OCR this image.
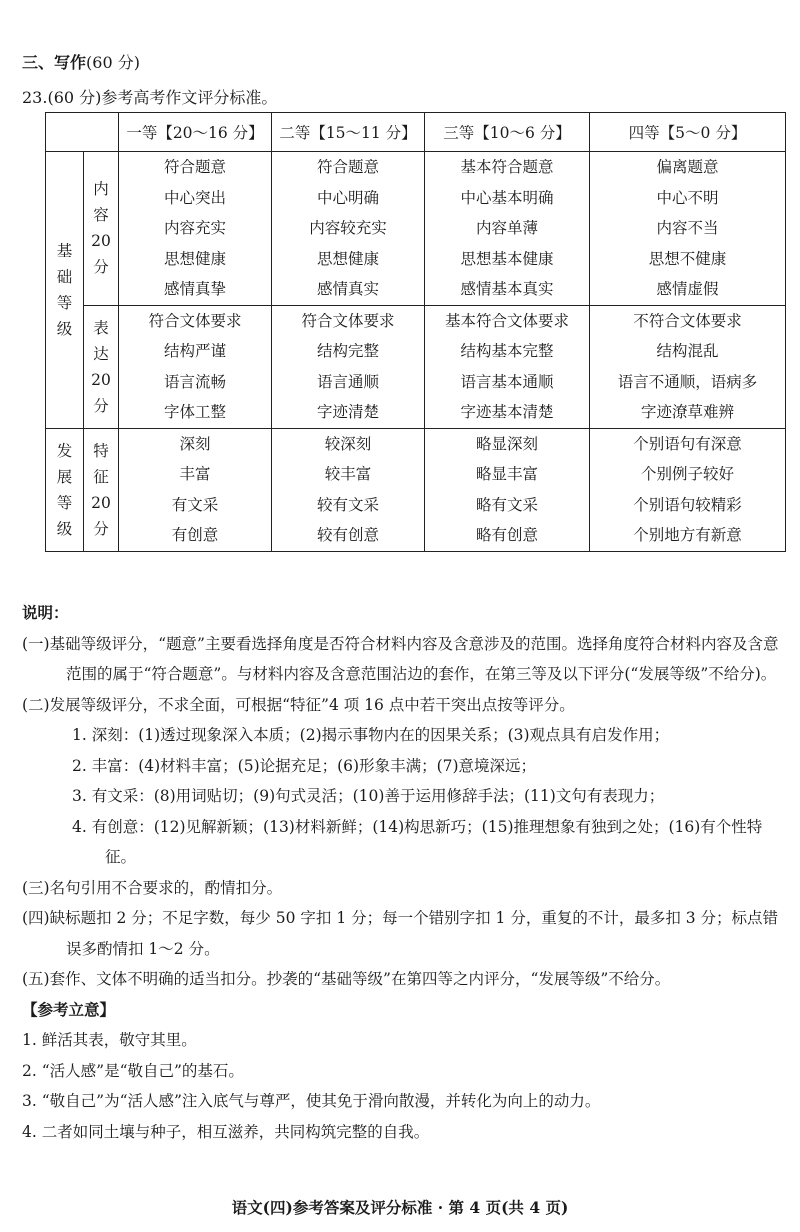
三、写作(60 分)
23.(60 分)参考高考作文评分标准。
		一等【20～16 分】	二等【15～11 分】	三等【10～6 分】	四等【5～0 分】

基
础
等
级	内
容
20
分	符合题意
中心突出
内容充实
思想健康
感情真挚	符合题意
中心明确
内容较充实
思想健康
感情真实	基本符合题意
中心基本明确
内容单薄
思想基本健康
感情基本真实	偏离题意
中心不明
内容不当
思想不健康
感情虚假

	表
达
20
分	符合文体要求
结构严谨
语言流畅
字体工整	符合文体要求
结构完整
语言通顺
字迹清楚	基本符合文体要求
结构基本完整
语言基本通顺
字迹基本清楚	不符合文体要求
结构混乱
语言不通顺，语病多
字迹潦草难辨

发
展
等
级	特
征
20
分	深刻
丰富
有文采
有创意	较深刻
较丰富
较有文采
较有创意	略显深刻
略显丰富
略有文采
略有创意	个别语句有深意
个别例子较好
个别语句较精彩
个别地方有新意

说明：

(一)基础等级评分，“题意”主要看选择角度是否符合材料内容及含意涉及的范围。选择角度符合材料内容及含意范围的属于“符合题意”。与材料内容及含意范围沾边的套作，在第三等及以下评分(“发展等级”不给分)。

(二)发展等级评分，不求全面，可根据“特征”4 项 16 点中若干突出点按等评分。

1. 深刻：(1)透过现象深入本质；(2)揭示事物内在的因果关系；(3)观点具有启发作用；

2. 丰富：(4)材料丰富；(5)论据充足；(6)形象丰满；(7)意境深远；

3. 有文采：(8)用词贴切；(9)句式灵活；(10)善于运用修辞手法；(11)文句有表现力；

4. 有创意：(12)见解新颖；(13)材料新鲜；(14)构思新巧；(15)推理想象有独到之处；(16)有个性特征。

(三)名句引用不合要求的，酌情扣分。

(四)缺标题扣 2 分；不足字数，每少 50 字扣 1 分；每一个错别字扣 1 分，重复的不计，最多扣 3 分；标点错误多酌情扣 1～2 分。

(五)套作、文体不明确的适当扣分。抄袭的“基础等级”在第四等之内评分，“发展等级”不给分。

【参考立意】

1. 鲜活其表，敬守其里。

2. “活人感”是“敬自己”的基石。

3. “敬自己”为“活人感”注入底气与尊严，使其免于滑向散漫，并转化为向上的动力。

4. 二者如同土壤与种子，相互滋养，共同构筑完整的自我。

语文(四)参考答案及评分标准 · 第 4 页(共 4 页)
